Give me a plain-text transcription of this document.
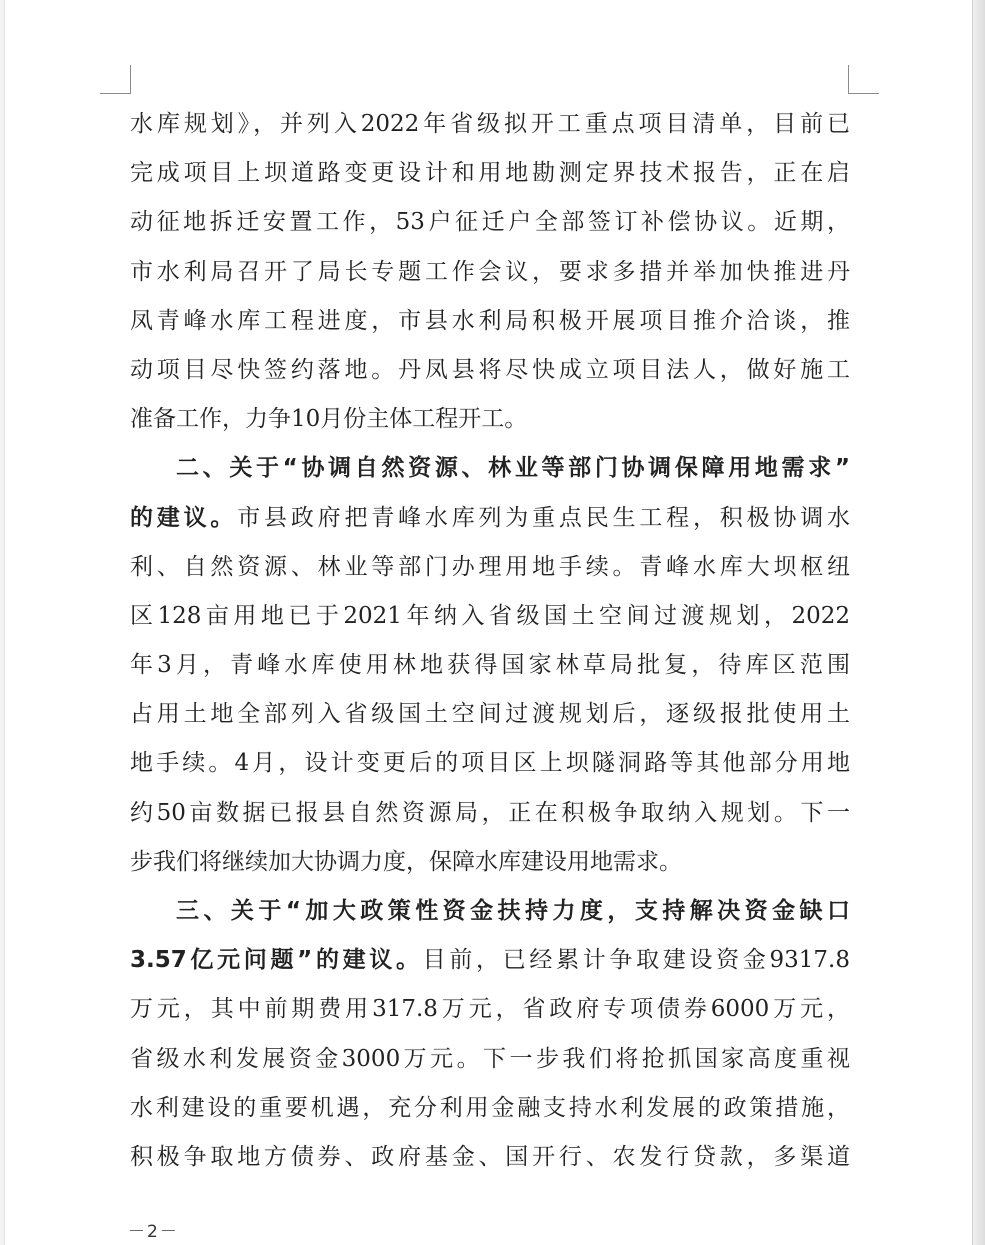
水库规划》，并列入2022年省级拟开工重点项目清单，目前已
完成项目上坝道路变更设计和用地勘测定界技术报告，正在启
动征地拆迁安置工作，53户征迁户全部签订补偿协议。近期，
市水利局召开了局长专题工作会议，要求多措并举加快推进丹
凤青峰水库工程进度，市县水利局积极开展项目推介洽谈，推
动项目尽快签约落地。丹凤县将尽快成立项目法人，做好施工
准备工作，力争10月份主体工程开工。
二、关于“协调自然资源、林业等部门协调保障用地需求”
的建议。市县政府把青峰水库列为重点民生工程，积极协调水
利、自然资源、林业等部门办理用地手续。青峰水库大坝枢纽
区128亩用地已于2021年纳入省级国土空间过渡规划，2022
年3月，青峰水库使用林地获得国家林草局批复，待库区范围
占用土地全部列入省级国土空间过渡规划后，逐级报批使用土
地手续。4月，设计变更后的项目区上坝隧洞路等其他部分用地
约50亩数据已报县自然资源局，正在积极争取纳入规划。下一
步我们将继续加大协调力度，保障水库建设用地需求。
三、关于“加大政策性资金扶持力度，支持解决资金缺口
3.57亿元问题”的建议。目前，已经累计争取建设资金9317.8
万元，其中前期费用317.8万元，省政府专项债券6000万元，
省级水利发展资金3000万元。下一步我们将抢抓国家高度重视
水利建设的重要机遇，充分利用金融支持水利发展的政策措施，
积极争取地方债券、政府基金、国开行、农发行贷款，多渠道
－2－
